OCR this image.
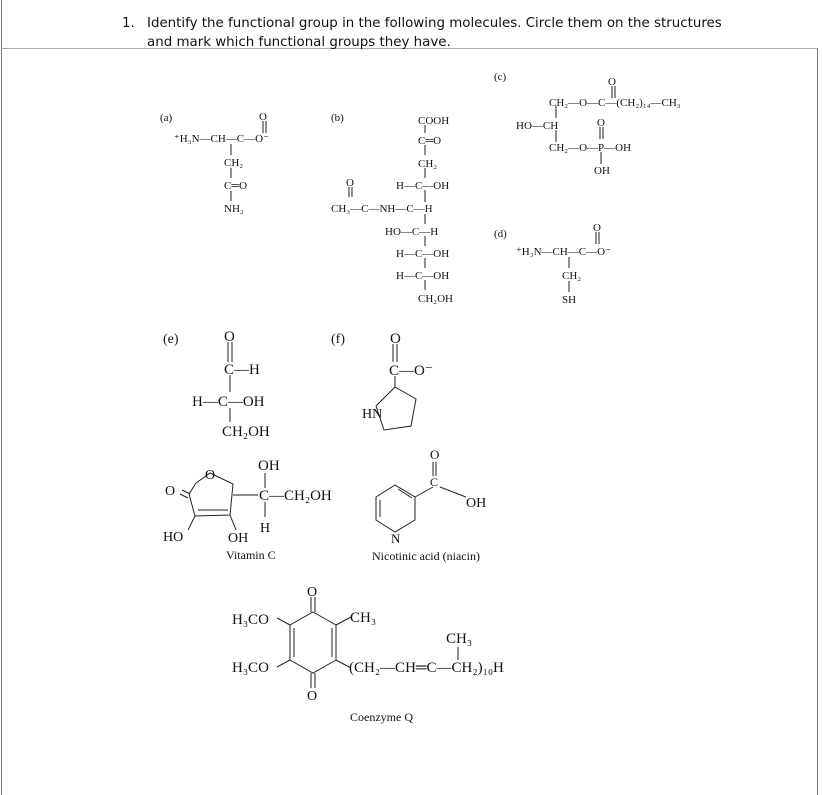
1. Identify the functional group in the following molecules. Circle them on the structures and mark which functional groups they have.
(a)	(b)
(c)
(d)
(e)	(f)
O
⁺H₃N—CH—C—O⁻
CH₂
C═O
NH₂
COOH
C═O
CH₂
O	H—C—OH
CH₃—C—NH—C—H
HO—C—H
H—C—OH
H—C—OH
CH₂OH
O
CH₂—O—C—(CH₂)₁₄—CH₃
HO—CH	O
CH₂—O—P—OH
OH
O
⁺H₃N—CH—C—O⁻
CH₂
SH
O
C—H
H—C—OH
CH₂OH
O
C—O⁻
HN
OH
C—CH₂OH
O
O
HO	OH
H
Vitamin C
O
C
OH
N
Nicotinic acid (niacin)
O
O
H₃CO
H₃CO
CH₃
CH₃
(CH₂—CH═C—CH₂)₁₀H
Coenzyme Q
